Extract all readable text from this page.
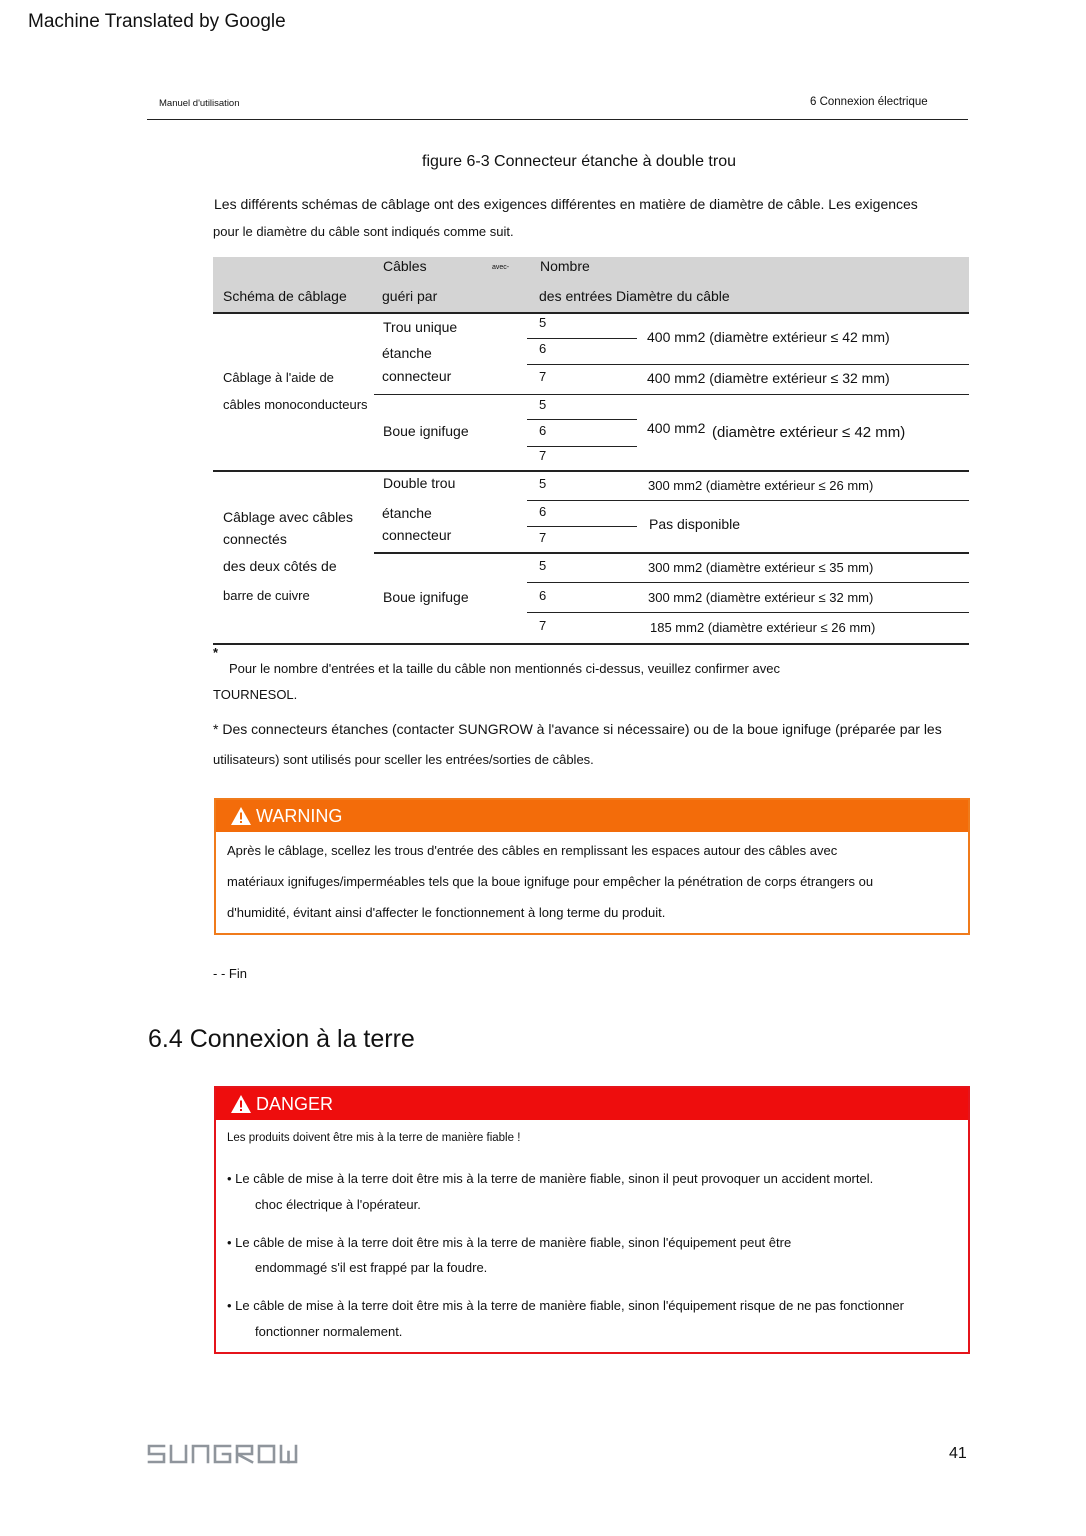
Machine Translated by Google
Manuel d'utilisation	6 Connexion électrique
figure 6-3 Connecteur étanche à double trou
Les différents schémas de câblage ont des exigences différentes en matière de diamètre de câble. Les exigences
pour le diamètre du câble sont indiqués comme suit.
Schéma de câblage
Câbles	avec-
guéri par
Nombre
des entrées Diamètre du câble
Câblage à l'aide de
câbles monoconducteurs
Trou unique
étanche
connecteur
Boue ignifuge
5
6
7
5
6
7
400 mm2 (diamètre extérieur ≤ 42 mm)
400 mm2 (diamètre extérieur ≤ 32 mm)
400 mm2 (diamètre extérieur ≤ 42 mm)
Câblage avec câbles
connectés
des deux côtés de
barre de cuivre
Double trou
étanche
connecteur
Boue ignifuge
5
6
7
5
6
7
300 mm2 (diamètre extérieur ≤ 26 mm)
Pas disponible
300 mm2 (diamètre extérieur ≤ 35 mm)
300 mm2 (diamètre extérieur ≤ 32 mm)
185 mm2 (diamètre extérieur ≤ 26 mm)
*
Pour le nombre d'entrées et la taille du câble non mentionnés ci-dessus, veuillez confirmer avec
TOURNESOL.
* Des connecteurs étanches (contacter SUNGROW à l'avance si nécessaire) ou de la boue ignifuge (préparée par les
utilisateurs) sont utilisés pour sceller les entrées/sorties de câbles.
WARNING
Après le câblage, scellez les trous d'entrée des câbles en remplissant les espaces autour des câbles avec
matériaux ignifuges/imperméables tels que la boue ignifuge pour empêcher la pénétration de corps étrangers ou
d'humidité, évitant ainsi d'affecter le fonctionnement à long terme du produit.
- - Fin
6.4 Connexion à la terre
DANGER
Les produits doivent être mis à la terre de manière fiable !
• Le câble de mise à la terre doit être mis à la terre de manière fiable, sinon il peut provoquer un accident mortel.
choc électrique à l'opérateur.
• Le câble de mise à la terre doit être mis à la terre de manière fiable, sinon l'équipement peut être
endommagé s'il est frappé par la foudre.
• Le câble de mise à la terre doit être mis à la terre de manière fiable, sinon l'équipement risque de ne pas fonctionner
fonctionner normalement.
41
